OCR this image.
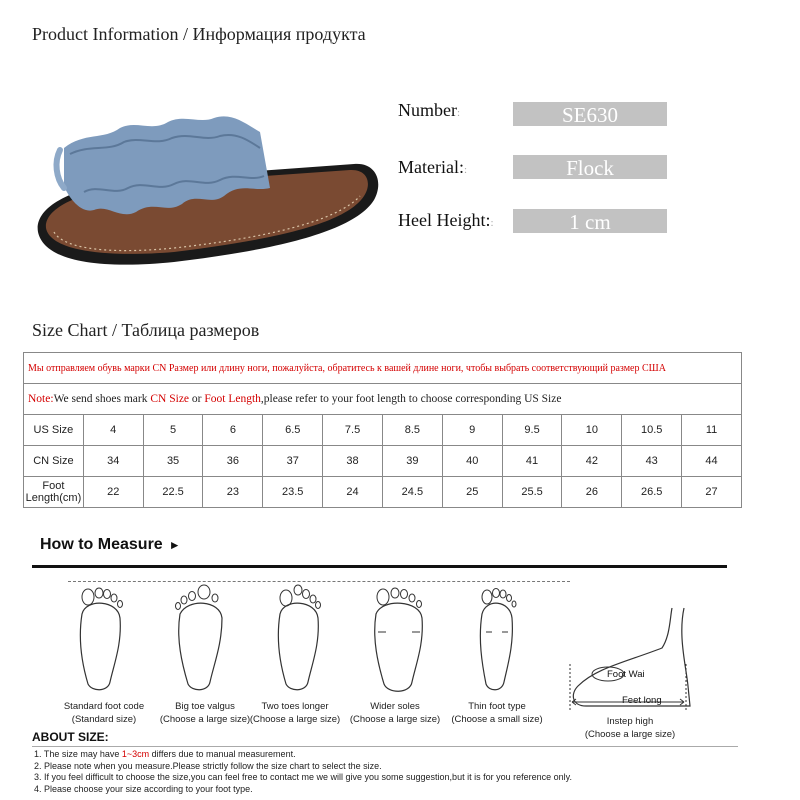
Product Information / Информация продукта
Number:	SE630
Material::	Flock
Heel Height::	1 cm
Size Chart / Таблица размеров
Мы отправляем обувь марки CN Размер или длину ноги, пожалуйста, обратитесь к вашей длине ноги, чтобы выбрать соответствующий размер США											
Note:We send shoes mark CN Size or Foot Length,please refer to your foot length to choose corresponding US Size											
US Size	4	5	6	6.5	7.5	8.5	9	9.5	10	10.5	11
CN Size	34	35	36	37	38	39	40	41	42	43	44
Foot Length(cm)	22	22.5	23	23.5	24	24.5	25	25.5	26	26.5	27
How to Measure ►
Standard foot code
(Standard size)
Big toe valgus
(Choose a large size)
Two toes longer
(Choose a large size)
Wider soles
(Choose a large size)
Thin foot type
(Choose a small size)
Foot Wai
Feet long
Instep high
(Choose a large size)
ABOUT SIZE:
1. The size may have 1~3cm differs due to manual measurement.
2. Please note when you measure.Please strictly follow the size chart to select the size.
3. If you feel difficult to choose the size,you can feel free to contact me we will give you some suggestion,but it is for you reference only.
4. Please choose your size according to your foot type.
